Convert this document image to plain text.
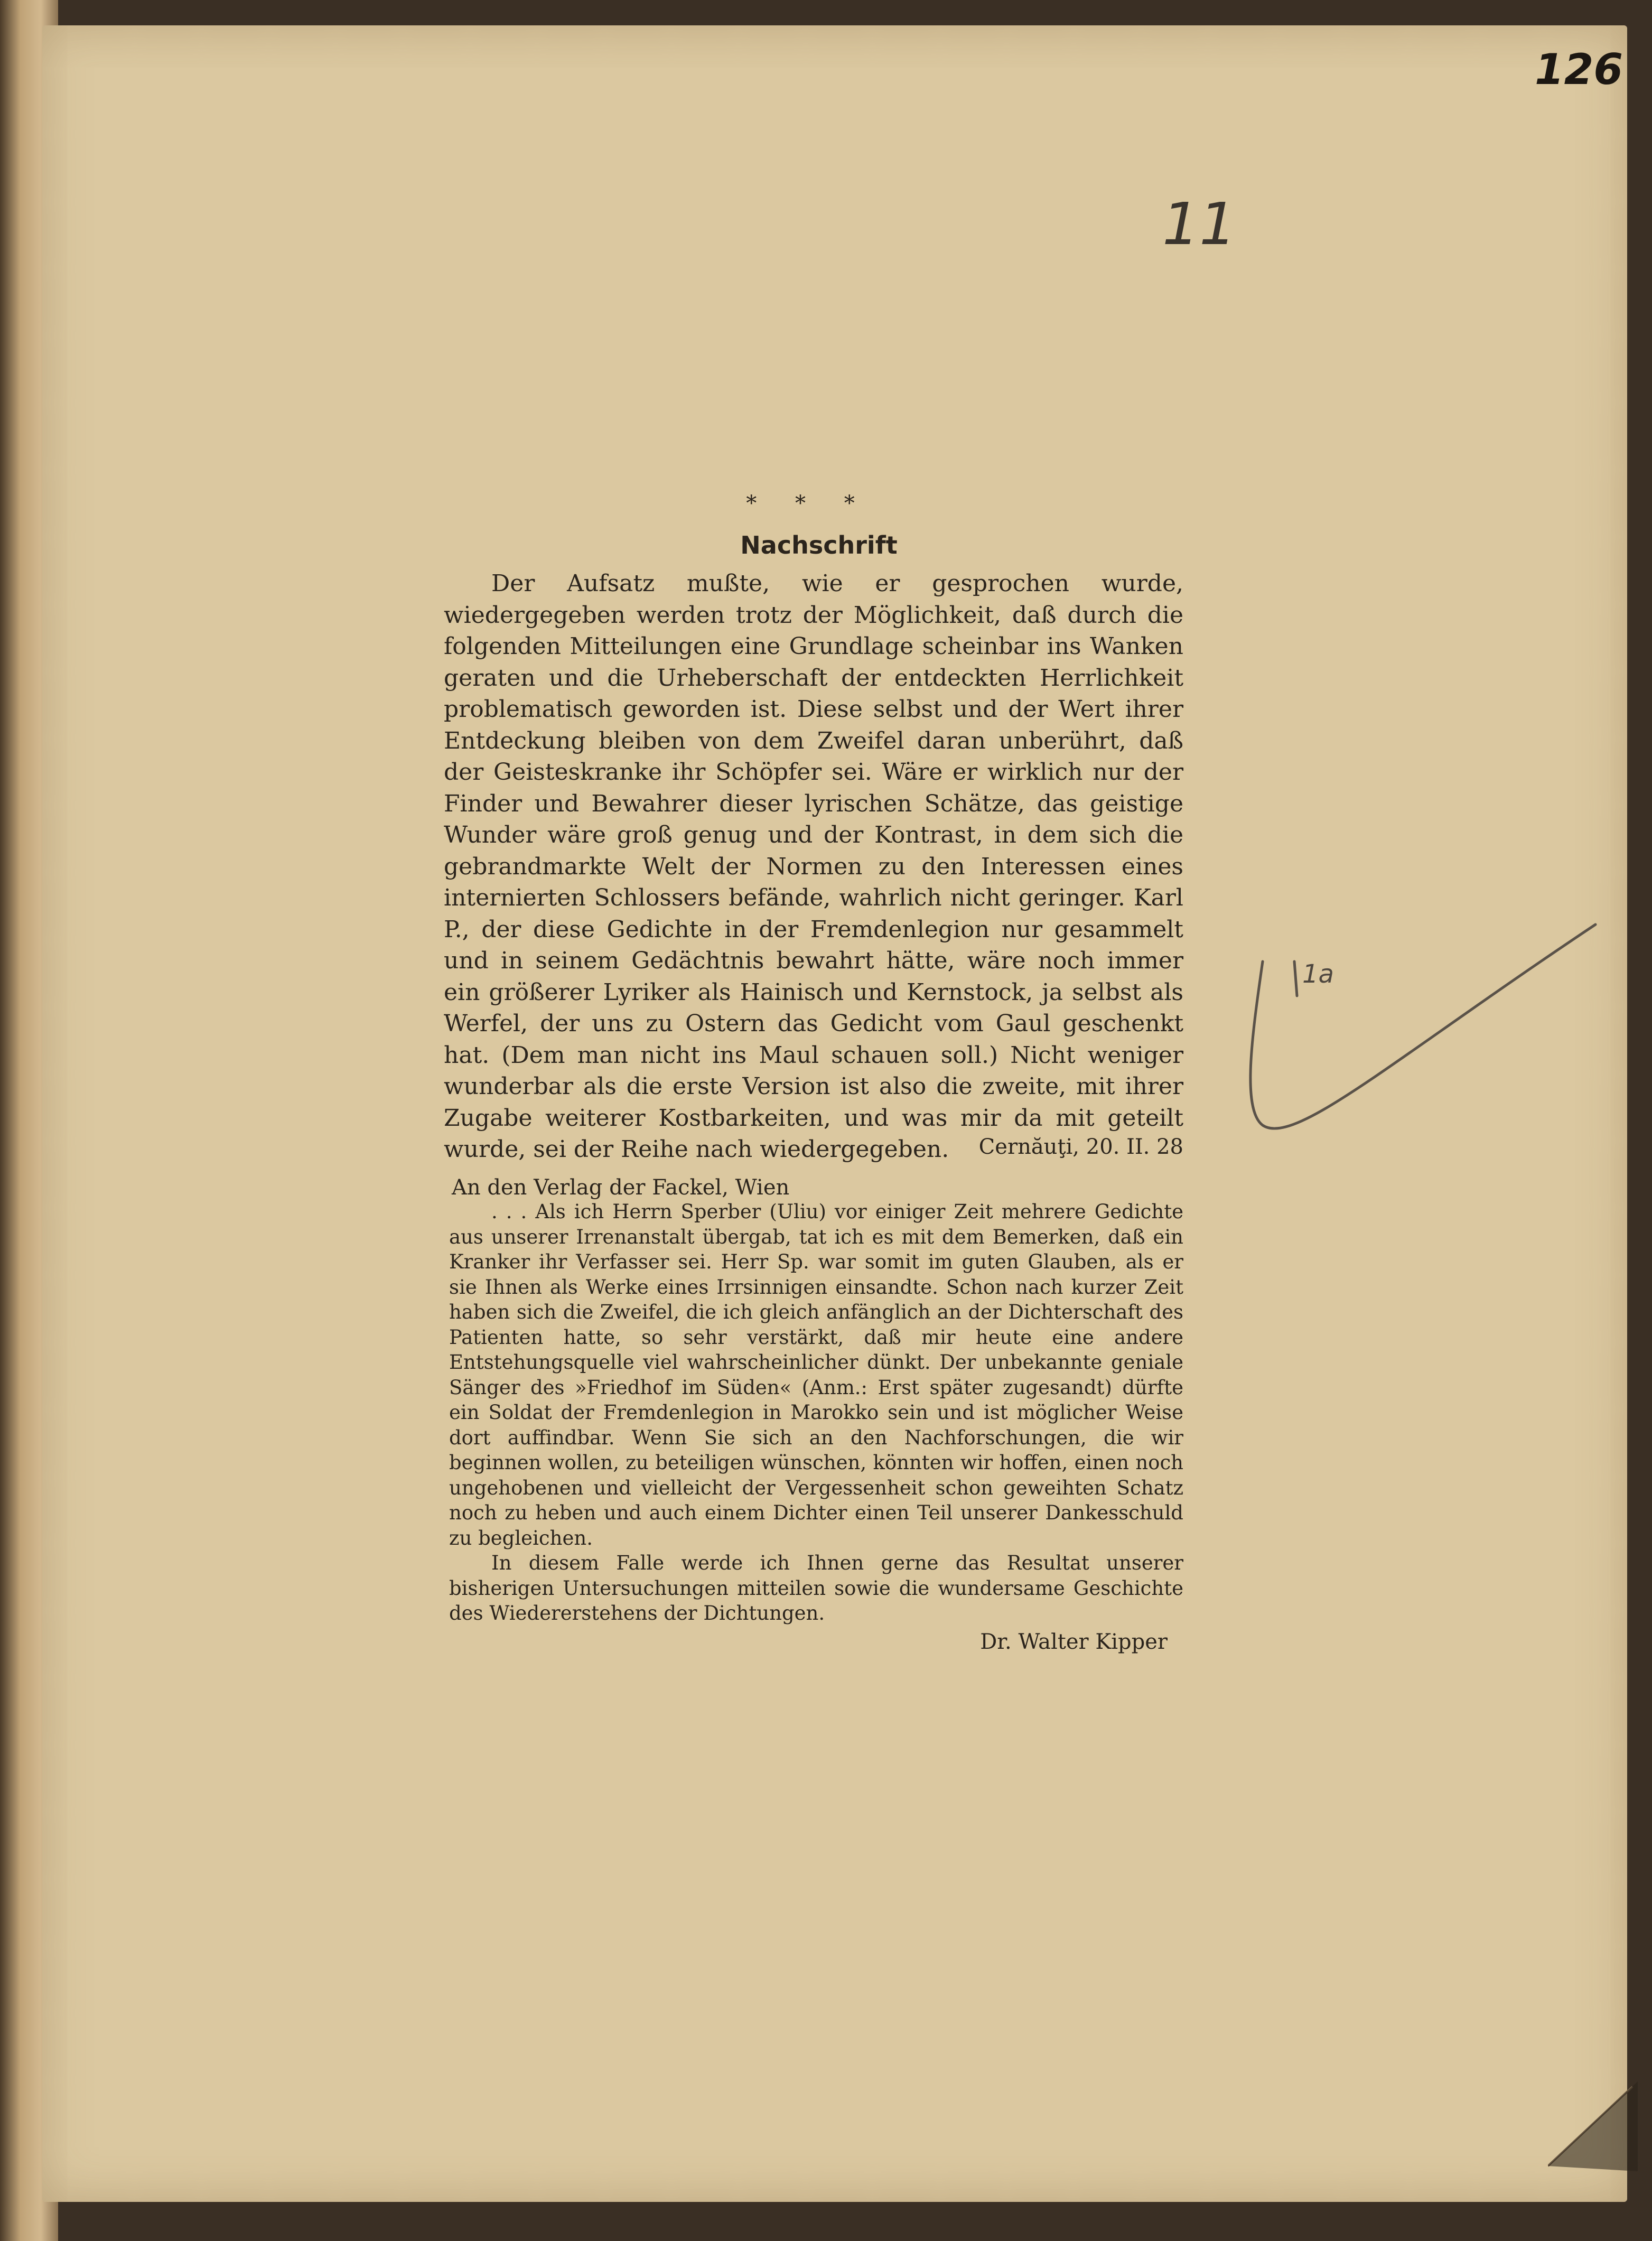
126
11
* * *
Nachschrift
Der Aufsatz mußte, wie er gesprochen wurde, wiedergegeben werden trotz der Möglichkeit, daß durch die folgenden Mitteilungen eine Grundlage scheinbar ins Wanken geraten und die Urheberschaft der entdeckten Herrlichkeit problematisch geworden ist. Diese selbst und der Wert ihrer Entdeckung bleiben von dem Zweifel daran unberührt, daß der Geisteskranke ihr Schöpfer sei. Wäre er wirklich nur der Finder und Bewahrer dieser lyrischen Schätze, das geistige Wunder wäre groß genug und der Kontrast, in dem sich die gebrandmarkte Welt der Normen zu den Interessen eines internierten Schlossers befände, wahrlich nicht geringer. Karl P., der diese Gedichte in der Fremdenlegion nur gesammelt und in seinem Gedächtnis bewahrt hätte, wäre noch immer ein größerer Lyriker als Hainisch und Kernstock, ja selbst als Werfel, der uns zu Ostern das Gedicht vom Gaul geschenkt hat. (Dem man nicht ins Maul schauen soll.) Nicht weniger wunderbar als die erste Version ist also die zweite, mit ihrer Zugabe weiterer Kostbarkeiten, und was mir da mit geteilt wurde, sei der Reihe nach wiedergegeben.	Cernăuţi, 20. II. 28
An den Verlag der Fackel, Wien

. . . Als ich Herrn Sperber (Uliu) vor einiger Zeit mehrere Gedichte aus unserer Irrenanstalt übergab, tat ich es mit dem Bemerken, daß ein Kranker ihr Verfasser sei. Herr Sp. war somit im guten Glauben, als er sie Ihnen als Werke eines Irrsinnigen einsandte. Schon nach kurzer Zeit haben sich die Zweifel, die ich gleich anfänglich an der Dichterschaft des Patienten hatte, so sehr verstärkt, daß mir heute eine andere Entstehungsquelle viel wahrscheinlicher dünkt. Der unbekannte geniale Sänger des »Friedhof im Süden« (Anm.: Erst später zugesandt) dürfte ein Soldat der Fremdenlegion in Marokko sein und ist möglicher Weise dort auffindbar. Wenn Sie sich an den Nachforschungen, die wir beginnen wollen, zu beteiligen wünschen, könnten wir hoffen, einen noch ungehobenen und vielleicht der Vergessenheit schon geweihten Schatz noch zu heben und auch einem Dichter einen Teil unserer Dankesschuld zu begleichen.

In diesem Falle werde ich Ihnen gerne das Resultat unserer bisherigen Untersuchungen mitteilen sowie die wundersame Geschichte des Wiedererstehens der Dichtungen.

Dr. Walter Kipper
1a
